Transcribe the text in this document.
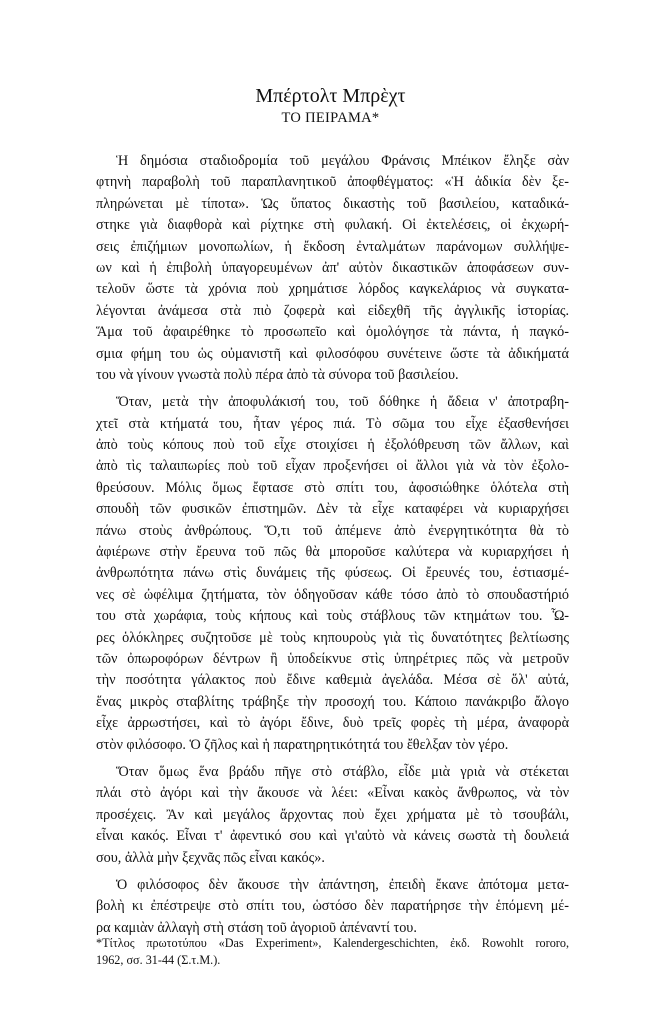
Μπέρτολτ Μπρὲχτ
ΤΟ ΠΕΙΡΑΜΑ*
Ἡ δημόσια σταδιοδρομία τοῦ μεγάλου Φράνσις Μπέικον ἔληξε σὰν
φτηνὴ παραβολὴ τοῦ παραπλανητικοῦ ἀποφθέγματος: «Ἡ ἀδικία δὲν ξε-
πληρώνεται μὲ τίποτα». Ὡς ὕπατος δικαστὴς τοῦ βασιλείου, καταδικά-
στηκε γιὰ διαφθορὰ καὶ ρίχτηκε στὴ φυλακή. Οἱ ἐκτελέσεις, οἱ ἐκχωρή-
σεις ἐπιζήμιων μονοπωλίων, ἡ ἔκδοση ἐνταλμάτων παράνομων συλλήψε-
ων καὶ ἡ ἐπιβολὴ ὑπαγορευμένων ἀπ' αὐτὸν δικαστικῶν ἀποφάσεων συν-
τελοῦν ὥστε τὰ χρόνια ποὺ χρημάτισε λόρδος καγκελάριος νὰ συγκατα-
λέγονται ἀνάμεσα στὰ πιὸ ζοφερὰ καὶ εἰδεχθῆ τῆς ἀγγλικῆς ἱστορίας.
Ἅμα τοῦ ἀφαιρέθηκε τὸ προσωπεῖο καὶ ὁμολόγησε τὰ πάντα, ἡ παγκό-
σμια φήμη του ὡς οὐμανιστῆ καὶ φιλοσόφου συνέτεινε ὥστε τὰ ἀδικήματά
του νὰ γίνουν γνωστὰ πολὺ πέρα ἀπὸ τὰ σύνορα τοῦ βασιλείου.
Ὅταν, μετὰ τὴν ἀποφυλάκισή του, τοῦ δόθηκε ἡ ἄδεια ν' ἀποτραβη-
χτεῖ στὰ κτήματά του, ἦταν γέρος πιά. Τὸ σῶμα του εἶχε ἐξασθενήσει
ἀπὸ τοὺς κόπους ποὺ τοῦ εἶχε στοιχίσει ἡ ἐξολόθρευση τῶν ἄλλων, καὶ
ἀπὸ τὶς ταλαιπωρίες ποὺ τοῦ εἶχαν προξενήσει οἱ ἄλλοι γιὰ νὰ τὸν ἐξολο-
θρεύσουν. Μόλις ὅμως ἔφτασε στὸ σπίτι του, ἀφοσιώθηκε ὁλότελα στὴ
σπουδὴ τῶν φυσικῶν ἐπιστημῶν. Δὲν τὰ εἶχε καταφέρει νὰ κυριαρχήσει
πάνω στοὺς ἀνθρώπους. Ὅ,τι τοῦ ἀπέμενε ἀπὸ ἐνεργητικότητα θὰ τὸ
ἀφιέρωνε στὴν ἔρευνα τοῦ πῶς θὰ μποροῦσε καλύτερα νὰ κυριαρχήσει ἡ
ἀνθρωπότητα πάνω στὶς δυνάμεις τῆς φύσεως. Οἱ ἔρευνές του, ἑστιασμέ-
νες σὲ ὠφέλιμα ζητήματα, τὸν ὁδηγοῦσαν κάθε τόσο ἀπὸ τὸ σπουδαστήριό
του στὰ χωράφια, τοὺς κήπους καὶ τοὺς στάβλους τῶν κτημάτων του. Ὧ-
ρες ὁλόκληρες συζητοῦσε μὲ τοὺς κηπουροὺς γιὰ τὶς δυνατότητες βελτίωσης
τῶν ὀπωροφόρων δέντρων ἢ ὑποδείκνυε στὶς ὑπηρέτριες πῶς νὰ μετροῦν
τὴν ποσότητα γάλακτος ποὺ ἔδινε καθεμιὰ ἀγελάδα. Μέσα σὲ ὅλ' αὐτά,
ἕνας μικρὸς σταβλίτης τράβηξε τὴν προσοχή του. Κάποιο πανάκριβο ἄλογο
εἶχε ἀρρωστήσει, καὶ τὸ ἀγόρι ἔδινε, δυὸ τρεῖς φορὲς τὴ μέρα, ἀναφορὰ
στὸν φιλόσοφο. Ὁ ζῆλος καὶ ἡ παρατηρητικότητά του ἔθελξαν τὸν γέρο.
Ὅταν ὅμως ἕνα βράδυ πῆγε στὸ στάβλο, εἶδε μιὰ γριὰ νὰ στέκεται
πλάι στὸ ἀγόρι καὶ τὴν ἄκουσε νὰ λέει: «Εἶναι κακὸς ἄνθρωπος, νὰ τὸν
προσέχεις. Ἂν καὶ μεγάλος ἄρχοντας ποὺ ἔχει χρήματα μὲ τὸ τσουβάλι,
εἶναι κακός. Εἶναι τ' ἀφεντικό σου καὶ γι'αὐτὸ νὰ κάνεις σωστὰ τὴ δουλειά
σου, ἀλλὰ μὴν ξεχνᾶς πῶς εἶναι κακός».
Ὁ φιλόσοφος δὲν ἄκουσε τὴν ἀπάντηση, ἐπειδὴ ἔκανε ἀπότομα μετα-
βολὴ κι ἐπέστρεψε στὸ σπίτι του, ὡστόσο δὲν παρατήρησε τὴν ἑπόμενη μέ-
ρα καμιὰν ἀλλαγὴ στὴ στάση τοῦ ἀγοριοῦ ἀπέναντί του.
*Τίτλος πρωτοτύπου «Das Experiment», Kalendergeschichten, ἐκδ. Rowohlt rororo,
1962, σσ. 31-44 (Σ.τ.Μ.).
